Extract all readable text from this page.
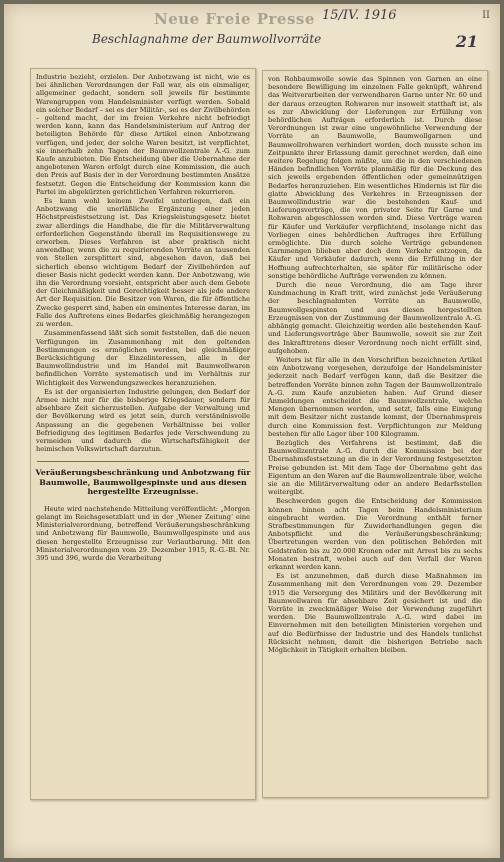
Neue Freie Presse 15/IV. 1916	II
Beschlagnahme der Baumwollvorräte	21

Industrie bezieht, erzielen. Der Anbotzwang ist nicht, wie es bei ähnlichen Verordnungen der Fall war, als ein einmaliger, allgemeiner gedacht, sondern soll jeweils für bestimmte Warengruppen vom Handelsminister verfügt werden. Sobald ein solcher Bedarf – sei es der Militär-, sei es der Zivilbehörden – geltend macht, der im freien Verkehre nicht befriedigt werden kann, kann das Handelsministerium auf Antrag der beteiligten Behörde für diese Artikel einen Anbotzwang verfügen, und jeder, der solche Waren besitzt, ist verpflichtet, sie innerhalb zehn Tagen der Baumwollzentrale A.-G. zum Kaufe anzubieten. Die Entscheidung über die Uebernahme der angebotenen Waren erfolgt durch eine Kommission, die auch den Preis auf Basis der in der Verordnung bestimmten Ansätze festsetzt. Gegen die Entscheidung der Kommission kann die Partei im abgekürzten gerichtlichen Verfahren rekurrieren.

Es kann wohl keinem Zweifel unterliegen, daß ein Anbotzwang die unerläßliche Ergänzung einer jeden Höchstpreisfestsetzung ist. Das Kriegsleistungsgesetz bietet zwar allerdings die Handhabe, die für die Militärverwaltung erforderlichen Gegenstände überall im Requisitionswege zu erwerben. Dieses Verfahren ist aber praktisch nicht anwendbar, wenn die zu requirierenden Vorräte an tausenden von Stellen zersplittert sind, abgesehen davon, daß bei sicherlich ebenso wichtigem Bedarf der Zivilbehörden auf dieser Basis nicht gedeckt werden kann. Der Anbotzwang, wie ihn die Verordnung vorsieht, entspricht aber auch dem Gebote der Gleichmäßigkeit und Gerechtigkeit besser als jede andere Art der Requisition. Die Besitzer von Waren, die für öffentliche Zwecke gesperrt sind, haben ein eminentes Interesse daran, im Falle des Auftretens eines Bedarfes gleichmäßig herangezogen zu werden.

Zusammenfassend läßt sich somit feststellen, daß die neuen Verfügungen im Zusammenhang mit den geltenden Bestimmungen es ermöglichen werden, bei gleichmäßiger Berücksichtigung der Einzelinteressen, alle in der Baumwollindustrie und im Handel mit Baumwollwaren befindlichen Vorräte systematisch und im Verhältnis zur Wichtigkeit des Verwendungszweckes heranzuziehen.

Es ist der organisierten Industrie gelungen, den Bedarf der Armee nicht nur für die bisherige Kriegsdauer, sondern für absehbare Zeit sicherzustellen. Aufgabe der Verwaltung und der Bevölkerung wird es jetzt sein, durch verständnisvolle Anpassung an die gegebenen Verhältnisse bei voller Befriedigung des legitimen Bedarfes jede Verschwendung zu vermeiden und dadurch die Wirtschaftsfähigkeit der heimischen Volkswirtschaft darzutun.

Veräußerungsbeschränkung und Anbotzwang für Baumwolle, Baumwollgespinste und aus diesen hergestellte Erzeugnisse.

Heute wird nachstehende Mitteilung veröffentlicht: „Morgen gelangt im Reichsgesetzblatt und in der ‚Wiener Zeitung‘ eine Ministerialverordnung, betreffend Veräußerungsbeschränkung und Anbotzwang für Baumwolle, Baumwollgespinste und aus diesen hergestellte Erzeugnisse zur Verlautbarung. Mit den Ministerialverordnungen vom 29. Dezember 1915, R.-G.-Bl. Nr. 395 und 396, wurde die Verarbeitung

von Rohbaumwolle sowie das Spinnen von Garnen an eine besondere Bewilligung im einzelnen Falle geknüpft, während das Weitverarbeiten der verwendbaren Garne unter Nr. 60 und der daraus erzeugten Rohwaren nur insoweit statthaft ist, als es zur Abwicklung der Lieferungen zur Erfüllung von behördlichen Aufträgen erforderlich ist. Durch diese Verordnungen ist zwar eine ungewöhnliche Verwendung der Vorräte an Baumwolle, Baumwollgarnen und Baumwollrohwaren verhindert worden, doch musste schon im Zeitpunkte ihrer Erlassung damit gerechnet werden, daß eine weitere Regelung folgen müßte, um die in den verschiedenen Händen befindlichen Vorräte planmäßig für die Deckung des sich jeweils ergebenden öffentlichen oder gemeinnützigen Bedarfes heranzuziehen. Ein wesentliches Hindernis ist für die glatte Abwicklung des Verkehres in Erzeugnissen der Baumwollindustrie war die bestehenden Kauf- und Lieferungsverträge, die von privater Seite für Garne und Rohwaren abgeschlossen worden sind. Diese Verträge waren für Käufer und Verkäufer verpflichtend, insolange nicht das Vorliegen eines behördlichen Auftrages ihre Erfüllung ermöglichte. Die durch solche Verträge gebundenen Garnmengen blieben aber doch dem Verkehr entzogen, da Käufer und Verkäufer dadurch, wenn die Erfüllung in der Hoffnung aufrechterhalten, sie später für militärische oder sonstige behördliche Aufträge verwenden zu können.

Durch die neue Verordnung, die am Tage ihrer Kundmachung in Kraft tritt, wird zunächst jede Veräußerung der beschlagnahmten Vorräte an Baumwolle, Baumwollgespinsten und aus diesen hergestellten Erzeugnissen von der Zustimmung der Baumwollzentrale A.-G. abhängig gemacht. Gleichzeitig werden alle bestehenden Kauf- und Lieferungsverträge über Baumwolle, soweit sie zur Zeit des Inkrafttretens dieser Verordnung noch nicht erfüllt sind, aufgehoben.

Weiters ist für alle in den Vorschriften bezeichneten Artikel ein Anbotzwang vorgesehen, derzufolge der Handelsminister jederzeit nach Bedarf verfügen kann, daß die Besitzer die betreffenden Vorräte binnen zehn Tagen der Baumwollzentrale A.-G. zum Kaufe anzubieten haben. Auf Grund dieser Anmeldungen entscheidet die Baumwollzentrale, welche Mengen übernommen werden, und setzt, falls eine Einigung mit dem Besitzer nicht zustande kommt, der Übernahmspreis durch eine Kommission fest. Verpflichtungen zur Meldung bestehen für alle Lager über 100 Kilogramm.

Bezüglich des Verfahrens ist bestimmt, daß die Baumwollzentrale A.-G. durch die Kommission bei der Übernahmsfestsetzung an die in der Verordnung festgesetzten Preise gebunden ist. Mit dem Tage der Übernahme geht das Eigentum an den Waren auf die Baumwollzentrale über, welche sie an die Militärverwaltung oder an andere Bedarfsstellen weitergibt.

Beschwerden gegen die Entscheidung der Kommission können binnen acht Tagen beim Handelsministerium eingebracht werden. Die Verordnung enthält ferner Strafbestimmungen für Zuwiderhandlungen gegen die Anbotspflicht und die Veräußerungsbeschränkung; Übertretungen werden von den politischen Behörden mit Geldstrafen bis zu 20.000 Kronen oder mit Arrest bis zu sechs Monaten bestraft, wobei auch auf den Verfall der Waren erkannt werden kann.

Es ist anzunehmen, daß durch diese Maßnahmen im Zusammenhang mit den Verordnungen vom 29. Dezember 1915 die Versorgung des Militärs und der Bevölkerung mit Baumwollwaren für absehbare Zeit gesichert ist und die Vorräte in zweckmäßiger Weise der Verwendung zugeführt werden. Die Baumwollzentrale A.-G. wird dabei im Einvernehmen mit den beteiligten Ministerien vorgehen und auf die Bedürfnisse der Industrie und des Handels tunlichst Rücksicht nehmen, damit die bisherigen Betriebe nach Möglichkeit in Tätigkeit erhalten bleiben.
